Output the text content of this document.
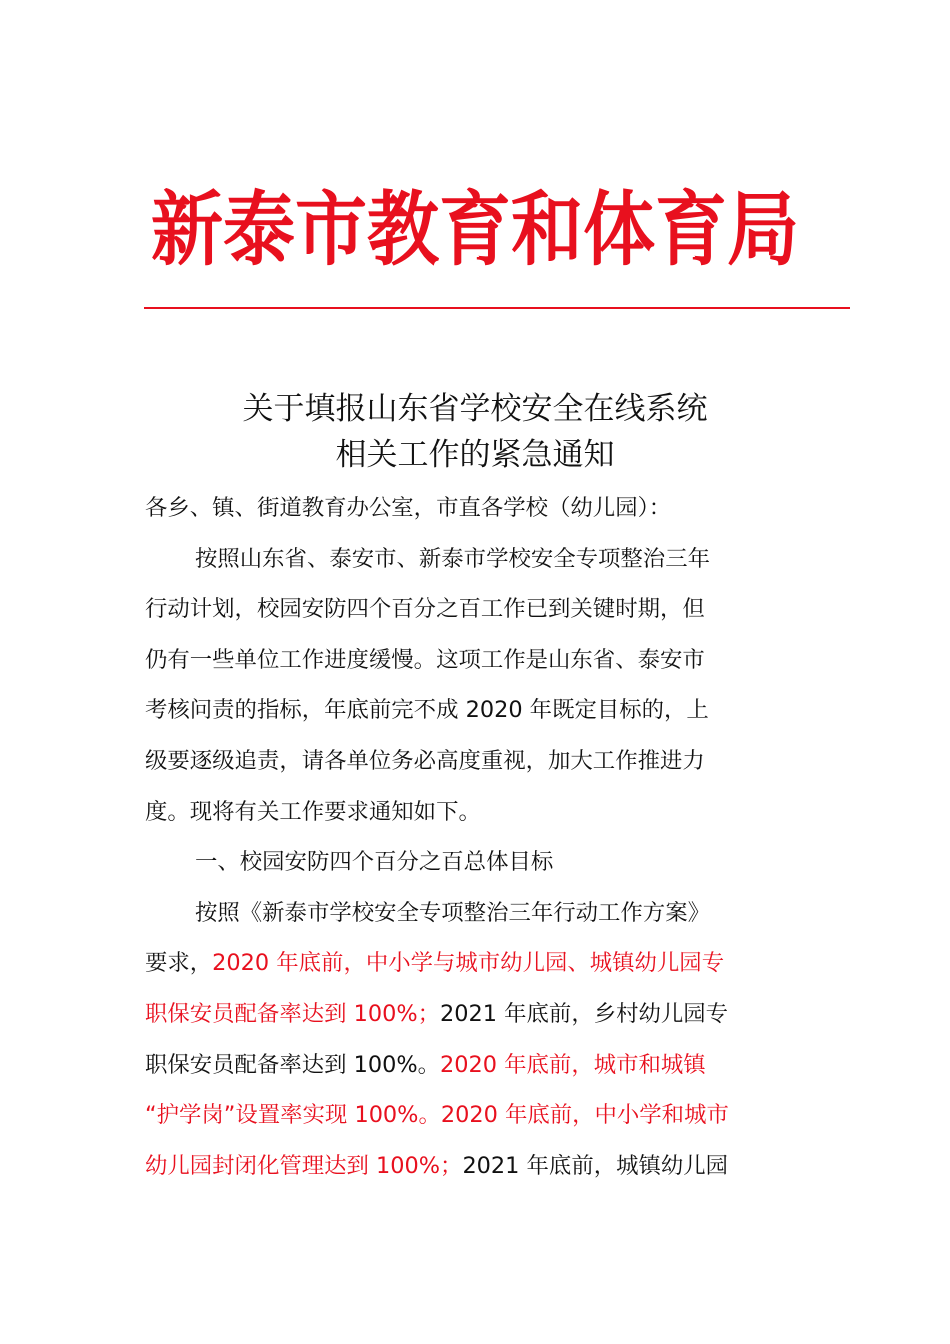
新泰市教育和体育局
关于填报山东省学校安全在线系统
相关工作的紧急通知
各乡、镇、街道教育办公室，市直各学校（幼儿园）：
按照山东省、泰安市、新泰市学校安全专项整治三年
行动计划，校园安防四个百分之百工作已到关键时期，但
仍有一些单位工作进度缓慢。这项工作是山东省、泰安市
考核问责的指标，年底前完不成 2020 年既定目标的，上
级要逐级追责，请各单位务必高度重视，加大工作推进力
度。现将有关工作要求通知如下。
一、校园安防四个百分之百总体目标
按照《新泰市学校安全专项整治三年行动工作方案》
要求，2020 年底前，中小学与城市幼儿园、城镇幼儿园专
职保安员配备率达到 100%；2021 年底前，乡村幼儿园专
职保安员配备率达到 100%。2020 年底前，城市和城镇
“护学岗”设置率实现 100%。2020 年底前，中小学和城市
幼儿园封闭化管理达到 100%；2021 年底前，城镇幼儿园
